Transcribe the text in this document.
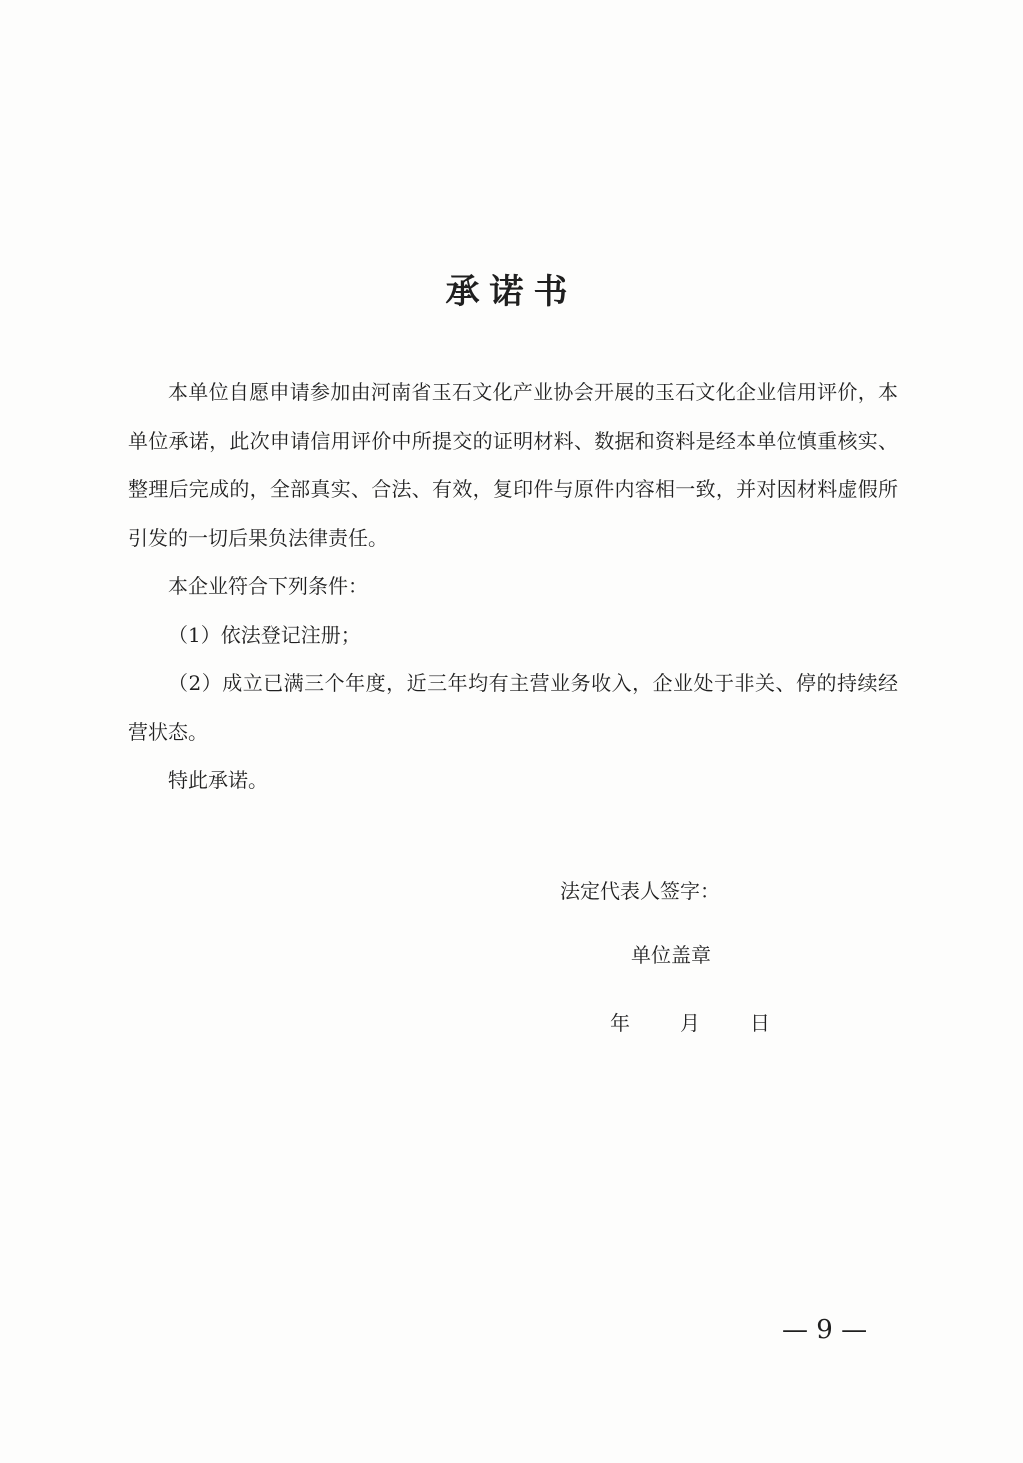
承诺书

本单位自愿申请参加由河南省玉石文化产业协会开展的玉石文化企业信用评价，本单位承诺，此次申请信用评价中所提交的证明材料、数据和资料是经本单位慎重核实、整理后完成的，全部真实、合法、有效，复印件与原件内容相一致，并对因材料虚假所引发的一切后果负法律责任。

本企业符合下列条件：

（1）依法登记注册；

（2）成立已满三个年度，近三年均有主营业务收入，企业处于非关、停的持续经营状态。

特此承诺。

法定代表人签字：
单位盖章
年	月	日
— 9 —
